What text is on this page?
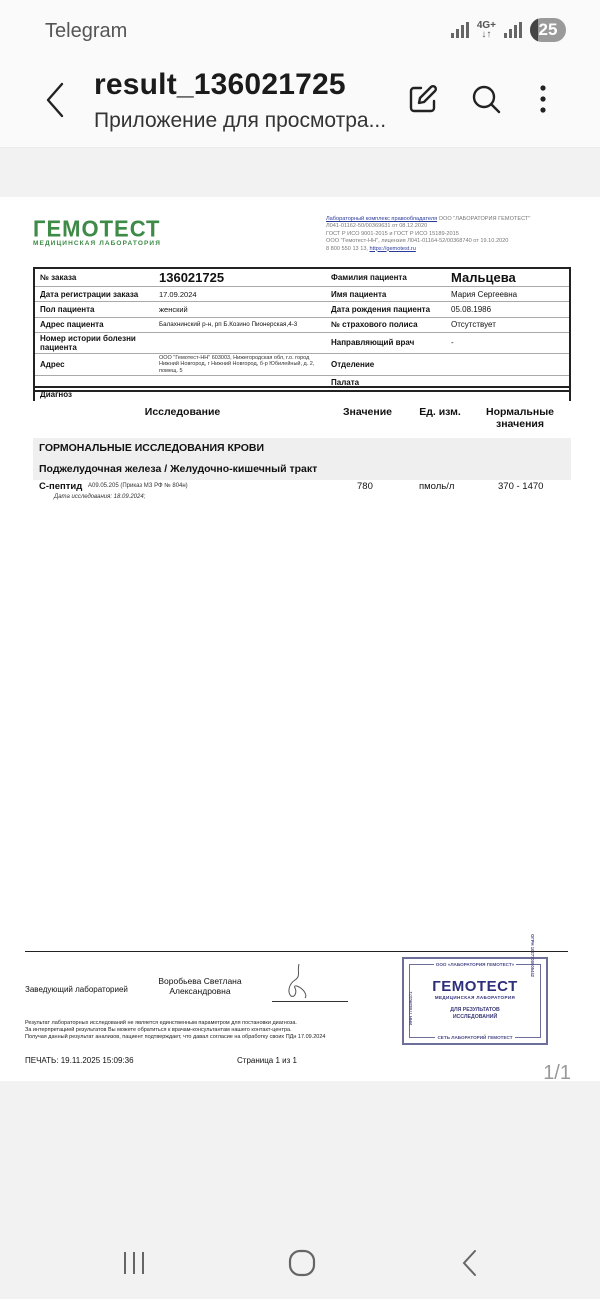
Telegram	4G+
↓↑	25
result_136021725
Приложение для просмотра...
ГЕМОТЕСТ
МЕДИЦИНСКАЯ ЛАБОРАТОРИЯ
Лабораторный комплекс правообладателя ООО "ЛАБОРАТОРИЯ ГЕМОТЕСТ"
Л041-01162-50/00369631 от 08.12.2020
ГОСТ Р ИСО 9001-2015 и ГОСТ Р ИСО 15189-2015
ООО "Гемотест-НН", лицензия Л041-01164-52/00368740 от 19.10.2020
8 800 550 13 13, https://gemotest.ru
№ заказа	136021725	Фамилия пациента	Мальцева
Дата регистрации заказа	17.09.2024	Имя пациента	Мария Сергеевна
Пол пациента	женский	Дата рождения пациента	05.08.1986
Адрес пациента	Балахнинский р-н, рп Б.Козино Пионерская,4-3	№ страхового полиса	Отсутствует
Номер истории болезни пациента		Направляющий врач	-
Адрес	ООО "Гемотест-НН" 603003, Нижегородская обл, г.о. город Нижний Новгород, г Нижний Новгород, б-р Юбилейный, д. 2, помещ. 5	Отделение	
		Палата	
Диагноз
Исследование	Значение	Ед. изм.	Нормальные
значения
ГОРМОНАЛЬНЫЕ ИССЛЕДОВАНИЯ КРОВИ
Поджелудочная железа / Желудочно-кишечный тракт
С-пептид A09.05.205 (Приказ МЗ РФ № 804н)
Дата исследования: 18.09.2024;
780	пмоль/л	370 - 1470
Заведующий лабораторией
Воробьева Светлана
Александровна
Результат лабораторных исследований не является единственным параметром для постановки диагноза.
За интерпретацией результатов Вы можете обратиться к врачам-консультантам нашего контакт-центра.
Получая данный результат анализов, пациент подтверждает, что давал согласие на обработку своих ПДн 17.09.2024
ПЕЧАТЬ: 19.11.2025 15:09:36	Страница 1 из 1
ООО «ЛАБОРАТОРИЯ ГЕМОТЕСТ»
ГЕМОТЕСТ
МЕДИЦИНСКАЯ ЛАБОРАТОРИЯ
ДЛЯ РЕЗУЛЬТАТОВ
ИССЛЕДОВАНИЙ
ИНН 7708390371
ОГРН 1027700005442
СЕТЬ ЛАБОРАТОРИЙ ГЕМОТЕСТ
1/1
